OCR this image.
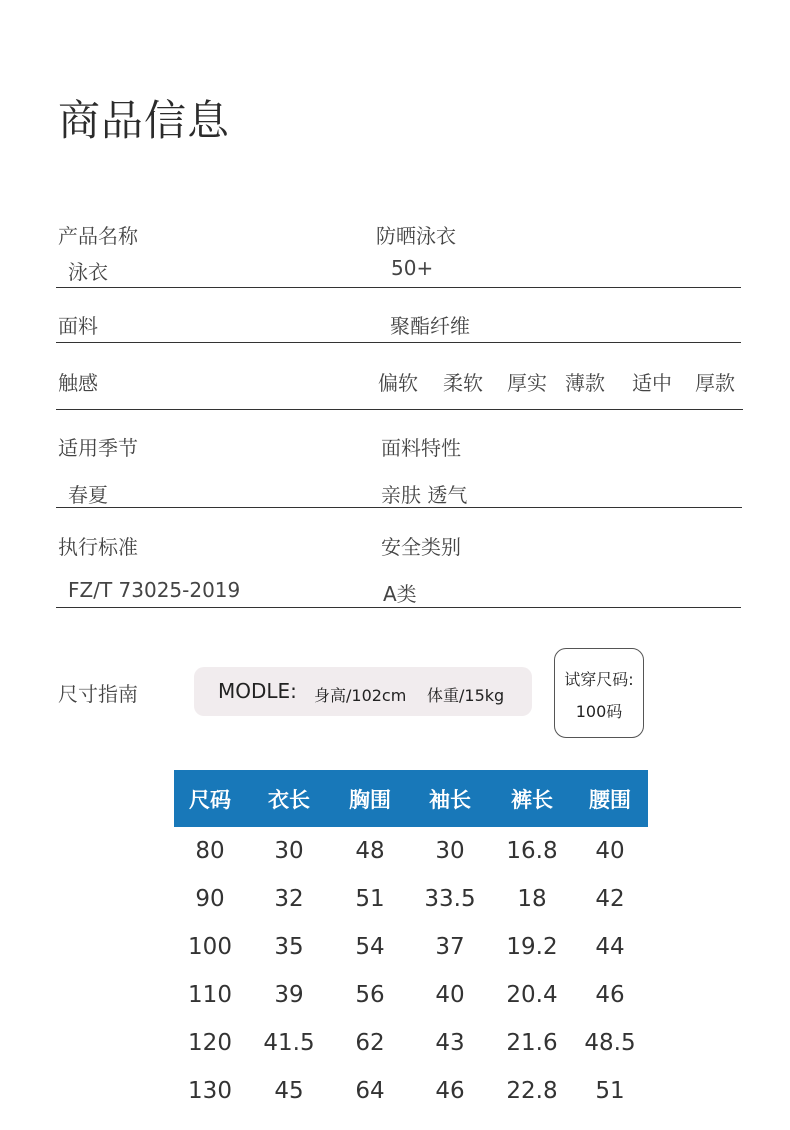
商品信息
产品名称	防晒泳衣
泳衣	50+
面料	聚酯纤维
触感	偏软 柔软 厚实 薄款 适中 厚款
适用季节	面料特性
春夏	亲肤 透气
执行标准	安全类别
FZ/T 73025-2019	A类
尺寸指南	MODLE: 身高/102cm 体重/15kg
试穿尺码:
100码
尺码	衣长	胸围	袖长	裤长	腰围
80	30	48	30	16.8	40
90	32	51	33.5	18	42
100	35	54	37	19.2	44
110	39	56	40	20.4	46
120	41.5	62	43	21.6	48.5
130	45	64	46	22.8	51
